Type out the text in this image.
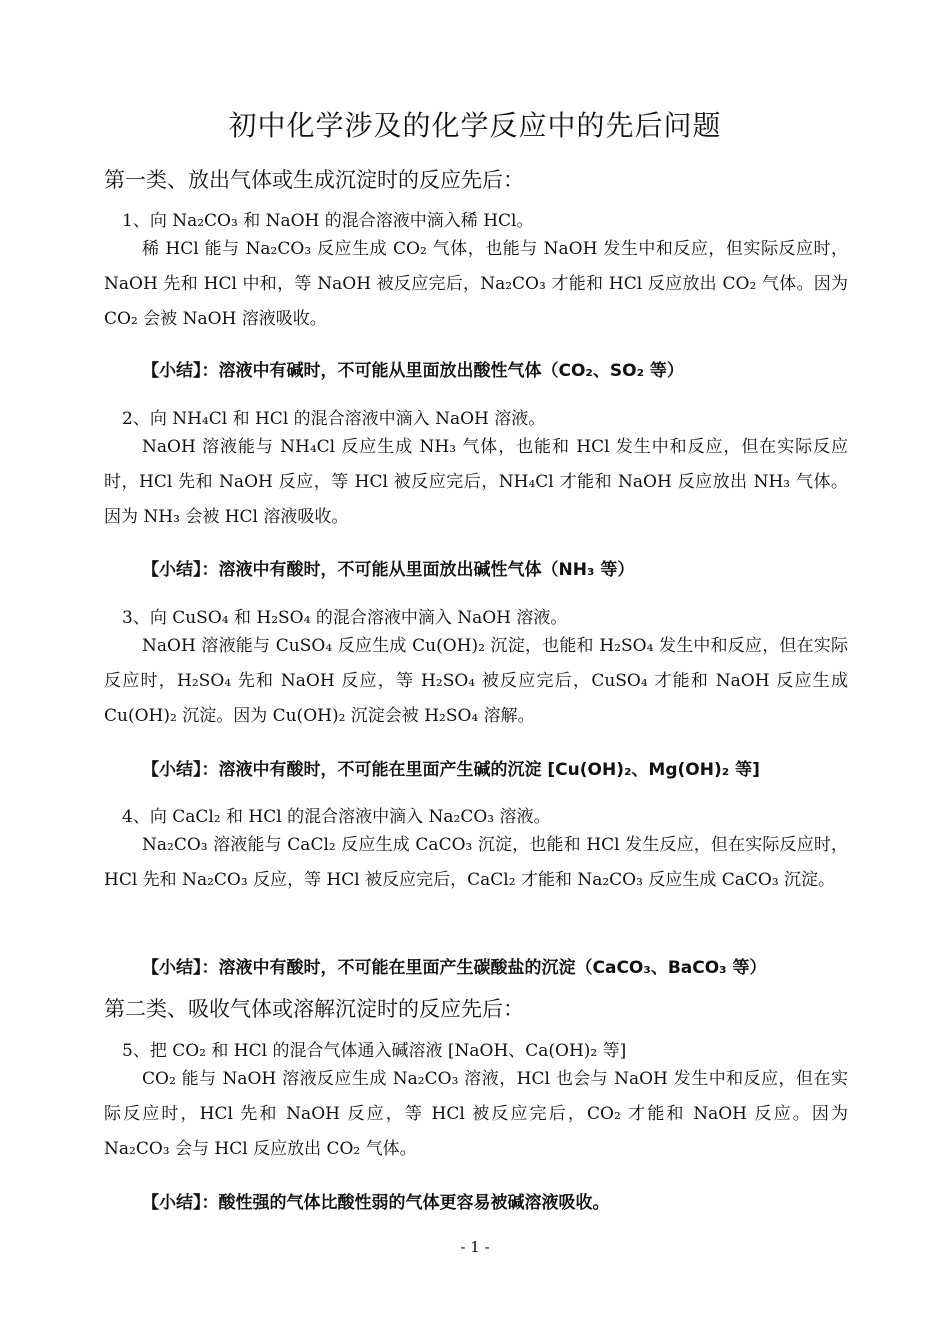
初中化学涉及的化学反应中的先后问题
第一类、放出气体或生成沉淀时的反应先后：
1、向 Na₂CO₃ 和 NaOH 的混合溶液中滴入稀 HCl。
稀 HCl 能与 Na₂CO₃ 反应生成 CO₂ 气体，也能与 NaOH 发生中和反应，但实际反应时，NaOH 先和 HCl 中和，等 NaOH 被反应完后，Na₂CO₃ 才能和 HCl 反应放出 CO₂ 气体。因为 CO₂ 会被 NaOH 溶液吸收。
【小结】：溶液中有碱时，不可能从里面放出酸性气体（CO₂、SO₂ 等）
2、向 NH₄Cl 和 HCl 的混合溶液中滴入 NaOH 溶液。
NaOH 溶液能与 NH₄Cl 反应生成 NH₃ 气体，也能和 HCl 发生中和反应，但在实际反应时，HCl 先和 NaOH 反应，等 HCl 被反应完后，NH₄Cl 才能和 NaOH 反应放出 NH₃ 气体。因为 NH₃ 会被 HCl 溶液吸收。
【小结】：溶液中有酸时，不可能从里面放出碱性气体（NH₃ 等）
3、向 CuSO₄ 和 H₂SO₄ 的混合溶液中滴入 NaOH 溶液。
NaOH 溶液能与 CuSO₄ 反应生成 Cu(OH)₂ 沉淀，也能和 H₂SO₄ 发生中和反应，但在实际反应时，H₂SO₄ 先和 NaOH 反应，等 H₂SO₄ 被反应完后，CuSO₄ 才能和 NaOH 反应生成 Cu(OH)₂ 沉淀。因为 Cu(OH)₂ 沉淀会被 H₂SO₄ 溶解。
【小结】：溶液中有酸时，不可能在里面产生碱的沉淀 [Cu(OH)₂、Mg(OH)₂ 等]
4、向 CaCl₂ 和 HCl 的混合溶液中滴入 Na₂CO₃ 溶液。
Na₂CO₃ 溶液能与 CaCl₂ 反应生成 CaCO₃ 沉淀，也能和 HCl 发生反应，但在实际反应时，HCl 先和 Na₂CO₃ 反应，等 HCl 被反应完后，CaCl₂ 才能和 Na₂CO₃ 反应生成 CaCO₃ 沉淀。
【小结】：溶液中有酸时，不可能在里面产生碳酸盐的沉淀（CaCO₃、BaCO₃ 等）
第二类、吸收气体或溶解沉淀时的反应先后：
5、把 CO₂ 和 HCl 的混合气体通入碱溶液 [NaOH、Ca(OH)₂ 等]
CO₂ 能与 NaOH 溶液反应生成 Na₂CO₃ 溶液，HCl 也会与 NaOH 发生中和反应，但在实际反应时，HCl 先和 NaOH 反应，等 HCl 被反应完后，CO₂ 才能和 NaOH 反应。因为 Na₂CO₃ 会与 HCl 反应放出 CO₂ 气体。
【小结】：酸性强的气体比酸性弱的气体更容易被碱溶液吸收。
- 1 -
